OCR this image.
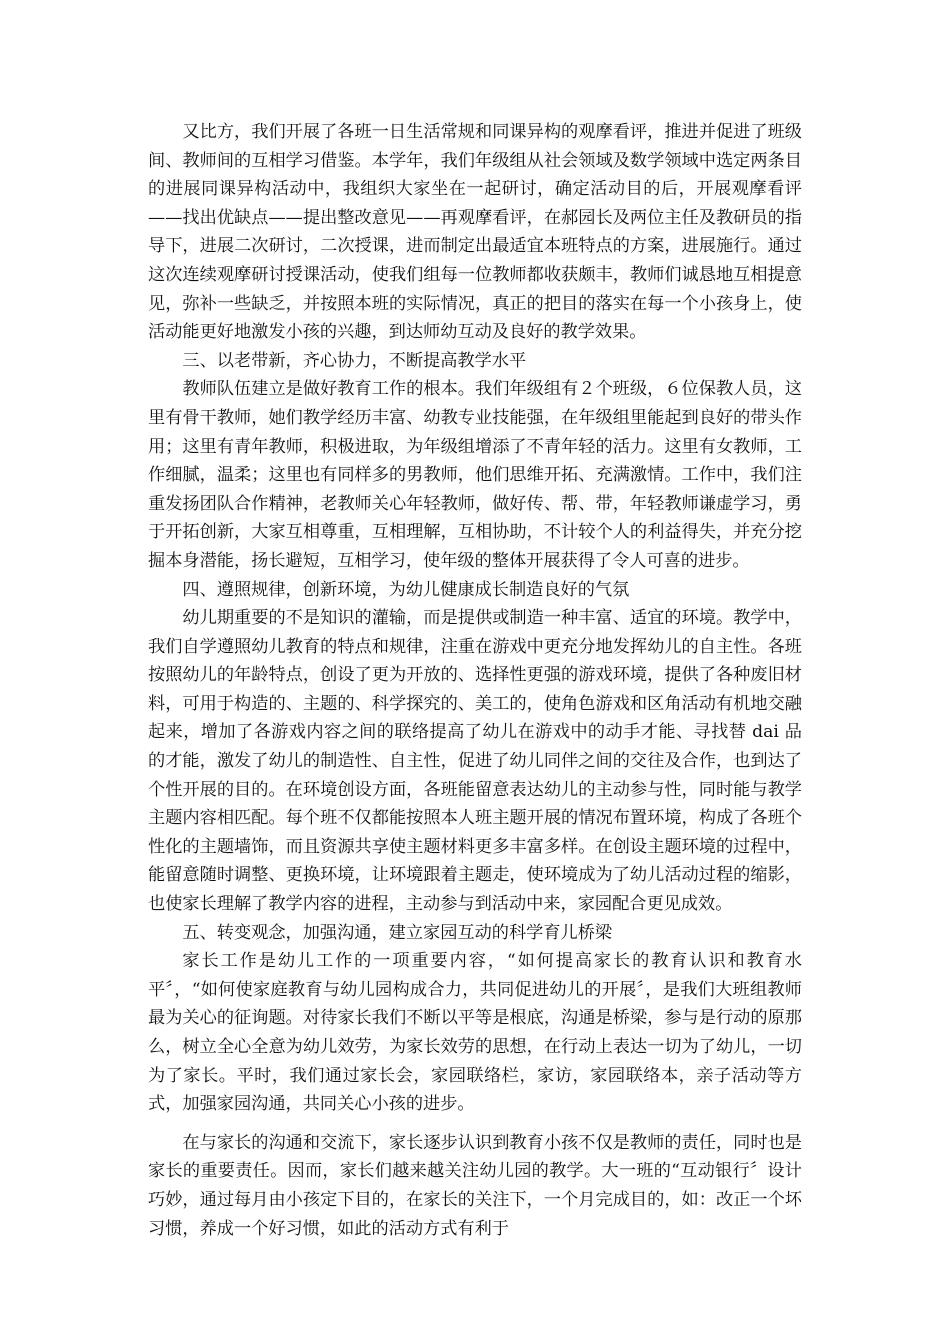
又比方，我们开展了各班一日生活常规和同课异构的观摩看评，推进并促进了班级间、教师间的互相学习借鉴。本学年，我们年级组从社会领域及数学领域中选定两条目的进展同课异构活动中，我组织大家坐在一起研讨，确定活动目的后，开展观摩看评——找出优缺点——提出整改意见——再观摩看评，在郝园长及两位主任及教研员的指导下，进展二次研讨，二次授课，进而制定出最适宜本班特点的方案，进展施行。通过这次连续观摩研讨授课活动，使我们组每一位教师都收获颇丰，教师们诚恳地互相提意见，弥补一些缺乏，并按照本班的实际情况，真正的把目的落实在每一个小孩身上，使活动能更好地激发小孩的兴趣，到达师幼互动及良好的教学效果。

三、以老带新，齐心协力，不断提高教学水平

教师队伍建立是做好教育工作的根本。我们年级组有２个班级，６位保教人员，这里有骨干教师，她们教学经历丰富、幼教专业技能强，在年级组里能起到良好的带头作用；这里有青年教师，积极进取，为年级组增添了不青年轻的活力。这里有女教师，工作细腻，温柔；这里也有同样多的男教师，他们思维开拓、充满激情。工作中，我们注重发扬团队合作精神，老教师关心年轻教师，做好传、帮、带，年轻教师谦虚学习，勇于开拓创新，大家互相尊重，互相理解，互相协助，不计较个人的利益得失，并充分挖掘本身潜能，扬长避短，互相学习，使年级的整体开展获得了令人可喜的进步。

四、遵照规律，创新环境，为幼儿健康成长制造良好的气氛

幼儿期重要的不是知识的灌输，而是提供或制造一种丰富、适宜的环境。教学中，我们自学遵照幼儿教育的特点和规律，注重在游戏中更充分地发挥幼儿的自主性。各班按照幼儿的年龄特点，创设了更为开放的、选择性更强的游戏环境，提供了各种废旧材料，可用于构造的、主题的、科学探究的、美工的，使角色游戏和区角活动有机地交融起来，增加了各游戏内容之间的联络提高了幼儿在游戏中的动手才能、寻找替 dai 品的才能，激发了幼儿的制造性、自主性，促进了幼儿同伴之间的交往及合作，也到达了个性开展的目的。在环境创设方面，各班能留意表达幼儿的主动参与性，同时能与教学主题内容相匹配。每个班不仅都能按照本人班主题开展的情况布置环境，构成了各班个性化的主题墙饰，而且资源共享使主题材料更多丰富多样。在创设主题环境的过程中，能留意随时调整、更换环境，让环境跟着主题走，使环境成为了幼儿活动过程的缩影，也使家长理解了教学内容的进程，主动参与到活动中来，家园配合更见成效。

五、转变观念，加强沟通，建立家园互动的科学育儿桥梁

家长工作是幼儿工作的一项重要内容，“如何提高家长的教育认识和教育水平〞，“如何使家庭教育与幼儿园构成合力，共同促进幼儿的开展〞，是我们大班组教师最为关心的征询题。对待家长我们不断以平等是根底，沟通是桥梁，参与是行动的原那么，树立全心全意为幼儿效劳，为家长效劳的思想，在行动上表达一切为了幼儿，一切为了家长。平时，我们通过家长会，家园联络栏，家访，家园联络本，亲子活动等方式，加强家园沟通，共同关心小孩的进步。

在与家长的沟通和交流下，家长逐步认识到教育小孩不仅是教师的责任，同时也是家长的重要责任。因而，家长们越来越关注幼儿园的教学。大一班的“互动银行〞设计巧妙，通过每月由小孩定下目的，在家长的关注下，一个月完成目的，如：改正一个坏习惯，养成一个好习惯，如此的活动方式有利于
